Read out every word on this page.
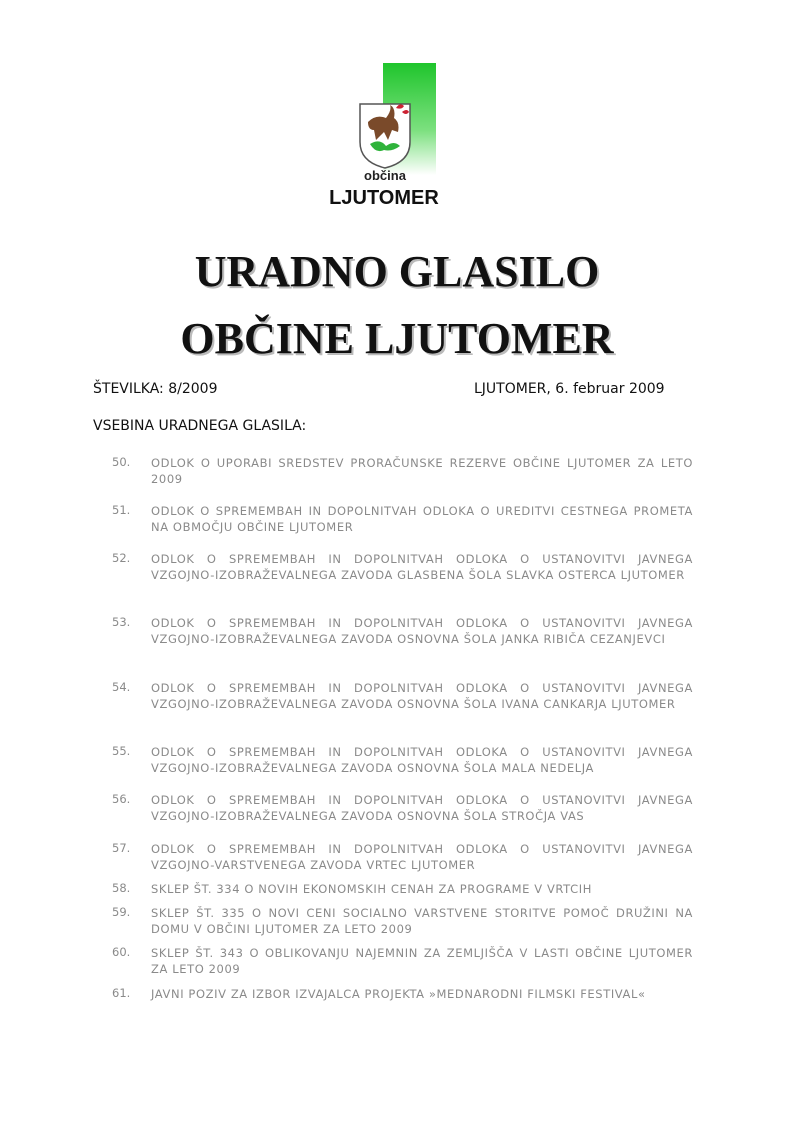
občina
LJUTOMER
URADNO GLASILO
OBČINE LJUTOMER
ŠTEVILKA: 8/2009	LJUTOMER, 6. februar 2009
VSEBINA URADNEGA GLASILA:
50.	ODLOK O UPORABI SREDSTEV PRORAČUNSKE REZERVE OBČINE LJUTOMER ZA LETO 2009
51.	ODLOK O SPREMEMBAH IN DOPOLNITVAH ODLOKA O UREDITVI CESTNEGA PROMETA NA OBMOČJU OBČINE LJUTOMER
52.	ODLOK O SPREMEMBAH IN DOPOLNITVAH ODLOKA O USTANOVITVI JAVNEGA VZGOJNO-IZOBRAŽEVALNEGA ZAVODA GLASBENA ŠOLA SLAVKA OSTERCA LJUTOMER
53.	ODLOK O SPREMEMBAH IN DOPOLNITVAH ODLOKA O USTANOVITVI JAVNEGA VZGOJNO-IZOBRAŽEVALNEGA ZAVODA OSNOVNA ŠOLA JANKA RIBIČA CEZANJEVCI
54.	ODLOK O SPREMEMBAH IN DOPOLNITVAH ODLOKA O USTANOVITVI JAVNEGA VZGOJNO-IZOBRAŽEVALNEGA ZAVODA OSNOVNA ŠOLA IVANA CANKARJA LJUTOMER
55.	ODLOK O SPREMEMBAH IN DOPOLNITVAH ODLOKA O USTANOVITVI JAVNEGA VZGOJNO-IZOBRAŽEVALNEGA ZAVODA OSNOVNA ŠOLA MALA NEDELJA
56.	ODLOK O SPREMEMBAH IN DOPOLNITVAH ODLOKA O USTANOVITVI JAVNEGA VZGOJNO-IZOBRAŽEVALNEGA ZAVODA OSNOVNA ŠOLA STROČJA VAS
57.	ODLOK O SPREMEMBAH IN DOPOLNITVAH ODLOKA O USTANOVITVI JAVNEGA VZGOJNO-VARSTVENEGA ZAVODA VRTEC LJUTOMER
58.	SKLEP ŠT. 334 O NOVIH EKONOMSKIH CENAH ZA PROGRAME V VRTCIH
59.	SKLEP ŠT. 335 O NOVI CENI SOCIALNO VARSTVENE STORITVE POMOČ DRUŽINI NA DOMU V OBČINI LJUTOMER ZA LETO 2009
60.	SKLEP ŠT. 343 O OBLIKOVANJU NAJEMNIN ZA ZEMLJIŠČA V LASTI OBČINE LJUTOMER ZA LETO 2009
61.	JAVNI POZIV ZA IZBOR IZVAJALCA PROJEKTA »MEDNARODNI FILMSKI FESTIVAL«
